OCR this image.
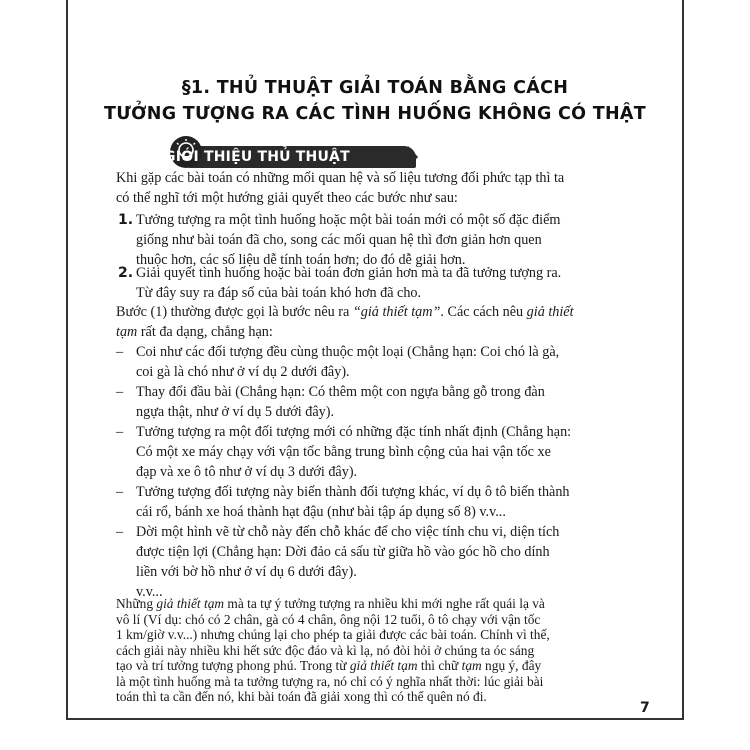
§1. THỦ THUẬT GIẢI TOÁN BẰNG CÁCH
TƯỞNG TƯỢNG RA CÁC TÌNH HUỐNG KHÔNG CÓ THẬT
GIỚI THIỆU THỦ THUẬT
Khi gặp các bài toán có những mối quan hệ và số liệu tương đối phức tạp thì ta
có thể nghĩ tới một hướng giải quyết theo các bước như sau:
1. Tưởng tượng ra một tình huống hoặc một bài toán mới có một số đặc điểm
giống như bài toán đã cho, song các mối quan hệ thì đơn giản hơn quen
thuộc hơn, các số liệu dễ tính toán hơn; do đó dễ giải hơn.
2. Giải quyết tình huống hoặc bài toán đơn giản hơn mà ta đã tưởng tượng ra.
Từ đây suy ra đáp số của bài toán khó hơn đã cho.
Bước (1) thường được gọi là bước nêu ra “giả thiết tạm”. Các cách nêu giả thiết
tạm rất đa dạng, chẳng hạn:
– Coi như các đối tượng đều cùng thuộc một loại (Chẳng hạn: Coi chó là gà,
coi gà là chó như ở ví dụ 2 dưới đây).
– Thay đổi đầu bài (Chẳng hạn: Có thêm một con ngựa bằng gỗ trong đàn
ngựa thật, như ở ví dụ 5 dưới đây).
– Tưởng tượng ra một đối tượng mới có những đặc tính nhất định (Chẳng hạn:
Có một xe máy chạy với vận tốc bằng trung bình cộng của hai vận tốc xe
đạp và xe ô tô như ở ví dụ 3 dưới đây).
– Tưởng tượng đối tượng này biến thành đối tượng khác, ví dụ ô tô biến thành
cái rổ, bánh xe hoá thành hạt đậu (như bài tập áp dụng số 8) v.v...
– Dời một hình vẽ từ chỗ này đến chỗ khác để cho việc tính chu vi, diện tích
được tiện lợi (Chẳng hạn: Dời đảo cả sấu từ giữa hồ vào góc hồ cho dính
liền với bờ hồ như ở ví dụ 6 dưới đây).
v.v...
Những giả thiết tạm mà ta tự ý tưởng tượng ra nhiều khi mới nghe rất quái lạ và
vô lí (Ví dụ: chó có 2 chân, gà có 4 chân, ông nội 12 tuổi, ô tô chạy với vận tốc
1 km/giờ v.v...) nhưng chúng lại cho phép ta giải được các bài toán. Chính vì thế,
cách giải này nhiều khi hết sức độc đáo và kì lạ, nó đòi hỏi ở chúng ta óc sáng
7
tạo và trí tưởng tượng phong phú. Trong từ giả thiết tạm thì chữ tạm ngụ ý, đây
là một tình huống mà ta tưởng tượng ra, nó chỉ có ý nghĩa nhất thời: lúc giải bài
toán thì ta cần đến nó, khi bài toán đã giải xong thì có thể quên nó đi.
